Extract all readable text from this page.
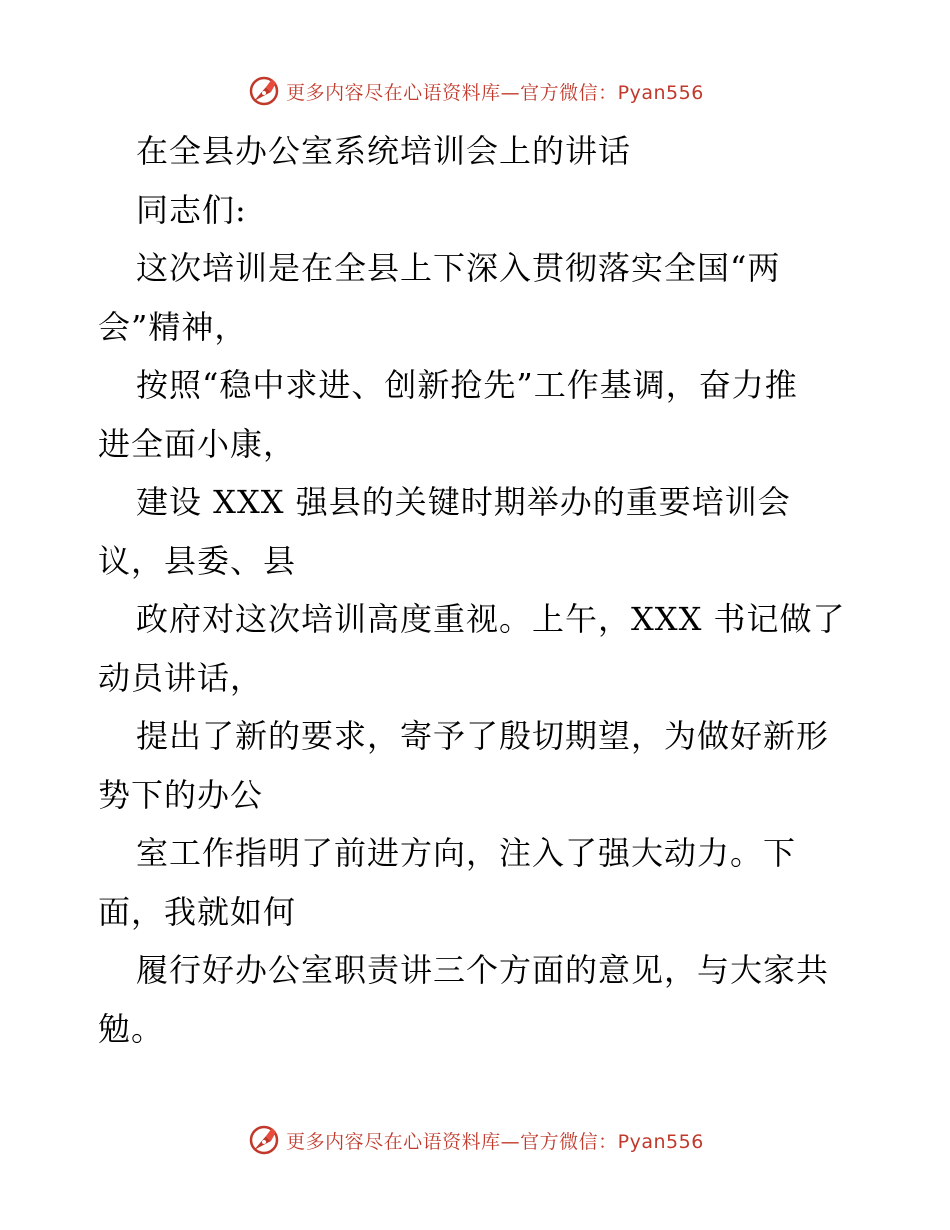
更多内容尽在心语资料库—官方微信：Pyan556
在全县办公室系统培训会上的讲话
同志们:
这次培训是在全县上下深入贯彻落实全国“两
会”精神，
按照“稳中求进、创新抢先”工作基调，奋力推
进全面小康，
建设 XXX 强县的关键时期举办的重要培训会
议，县委、县
政府对这次培训高度重视。上午，XXX 书记做了
动员讲话，
提出了新的要求，寄予了殷切期望，为做好新形
势下的办公
室工作指明了前进方向，注入了强大动力。下
面，我就如何
履行好办公室职责讲三个方面的意见，与大家共
勉。
更多内容尽在心语资料库—官方微信：Pyan556
